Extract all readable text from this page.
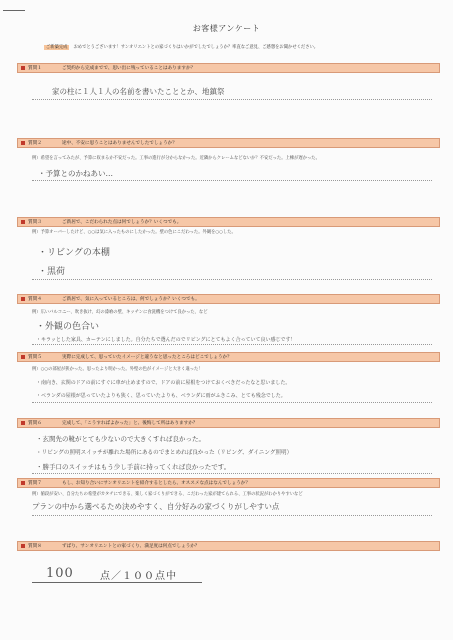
お客様アンケート
ご新築完成 おめでとうございます！サンオリエントとの家づくりはいかがでしたでしょうか？率直なご意見、ご感想をお聞かせください。
質問１	ご契約から完成までで、思い出に残っていることはありますか？
家の柱に１人１人の名前を書いたこととか、地鎮祭
質問２	途中、不安に思うことはありませんでしたでしょうか？
例）希望を言ってみたが、予算に収まるか不安だった。工事の進行が分からなかった。近隣からクレームなどないか？不安だった。上棟が遅かった。
・予算とのかねあい…
質問３	ご新居で、こだわられた点は何でしょうか？いくつでも。
例）予算オーバーしたけど、○○は気に入ったものにしたかった。壁の色にこだわった。外観を○○した。
・リビングの本棚
・黒荷
質問４	ご新居で、気に入っているところは、何でしょうか？いくつでも。
例）広いバルコニー、吹き抜け、幻の漆喰の壁、キッチンに食洗機をつけて良かった、など
・外観の色合い
・キラッとした家具、カーテンにしました。自分たちで選んだのでリビングにとてもよく合っていて良い感じです！
質問５	実際に完成して、思っていたイメージと違うなと思ったところはどこでしょうか？
例）○○の部屋が狭かった。思ったより明かった。外壁の色がイメージと大きく違った！
・南向き、玄関のドアの前にすぐに車が止めますので、ドアの前に屋根をつけておくべきだったなと思いました。
・ベランダの屋根が思っていたよりも狭く、思っていたよりも、ベランダに雨がふきこみ、とても残念でした。
質問６	完成して、「こうすればよかった」と、後悔して所はありますか？
・玄関先の靴がとても少ないので大きくすれば良かった。
・リビングの照明スイッチが離れた場所にあるのでまとめれば良かった（リビング、ダイニング照明）
・勝手口のスイッチはもう少し手前に持ってくれば良かったです。
質問７	もし、お知り合いにサンオリエントを紹介するとしたら、オススメな点はなんでしょうか？
例）値段が安い、自分たちの希望がカタチにできる、楽しく家づくりができる、こだわった家が建てられる、工事の状況がわかりやすいなど
プランの中から選べるため決めやすく、自分好みの家づくりがしやすい点
質問８	ずばり、サンオリエントとの家づくり、満足度は何点でしょうか？
100	点／１００点中
